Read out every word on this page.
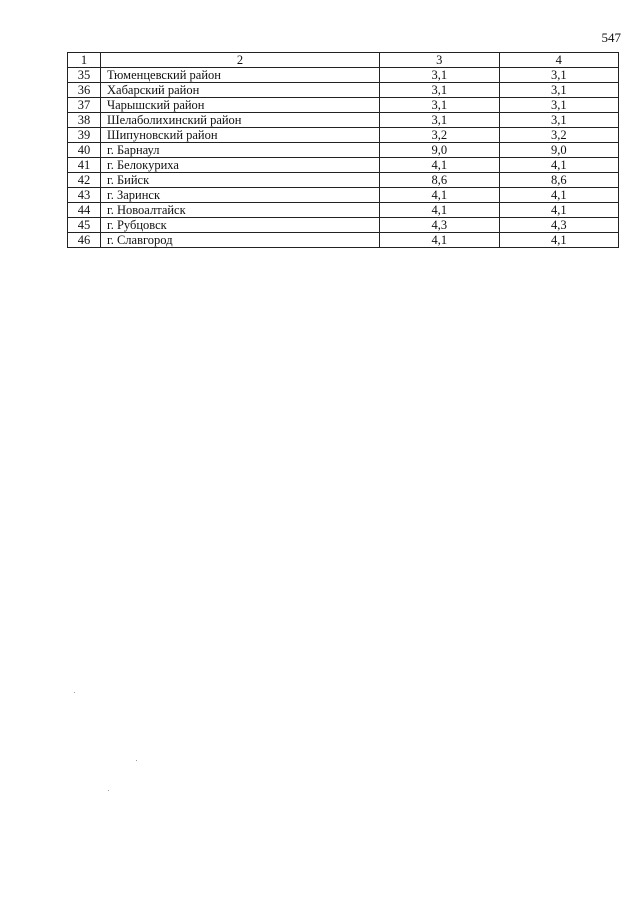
547
1	2	3	4
35	Тюменцевский район	3,1	3,1
36	Хабарский район	3,1	3,1
37	Чарышский район	3,1	3,1
38	Шелаболихинский район	3,1	3,1
39	Шипуновский район	3,2	3,2
40	г. Барнаул	9,0	9,0
41	г. Белокуриха	4,1	4,1
42	г. Бийск	8,6	8,6
43	г. Заринск	4,1	4,1
44	г. Новоалтайск	4,1	4,1
45	г. Рубцовск	4,3	4,3
46	г. Славгород	4,1	4,1
